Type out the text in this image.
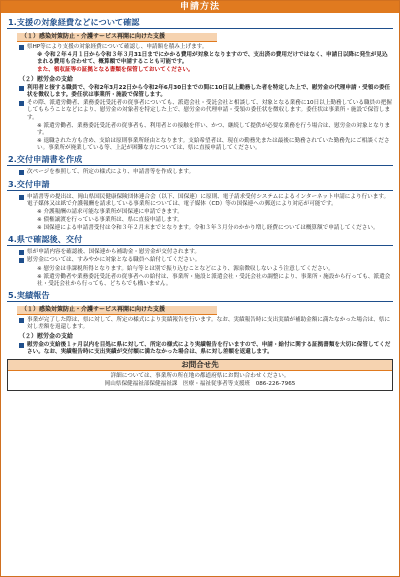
申請方法
1.支援の対象経費などについて確認
（１）感染対策防止・介護サービス再開に向けた支援
県HP等により支援の対象経費について確認し、申請額を積み上げます。
※ 令和２年４月１日から令和３年３月31日までにかかる費用が対象となりますので、支出済の費用だけではなく、申請日以降に発生が見込まれる費用も合わせて、概算額で申請することも可能です。
また、領収証等の証拠となる書類を保管しておいてください。
（２）慰労金の支給
利用者と接する職員で、令和2年3月22日から令和2年6月30日までの間に10日以上勤務した者を特定した上で、慰労金の代理申請・受領の委任状を徴収します。委任状は事業所・施設で保管します。
その際、派遣労働者、業務委託受託者の従事者についても、派遣会社・受託会社と相談して、対象となる業務に10日以上勤務している職員の把握してもらうことなどにより、慰労金の対象者を特定した上で、慰労金の代理申請・受領の委任状を徴収します。委任状は事業所・施設で保管します。
※ 派遣労働者、業務委託受託者の従事者も、利用者との接触を伴い、かつ、継続して提供が必要な業務を行う場合は、慰労金の対象となります。
※ 退職された方も含め、支給は原則事業所経由となります。支給希望者は、現在の勤務先または最後に勤務されていた勤務先にご相談ください。事業所が廃業している等、上記が困難な方については、県に直接申請してください。
2.交付申請書を作成
次ページを参照して、所定の様式により、申請書等を作成します。
3.交付申請
申請書等の提出は、岡山県国民健康保険団体連合会（以下、国保連）に原則、電子請求受付システムによるインターネット申請により行います。電子媒体又は紙で介護報酬を請求している事業所については、電子媒体（CD）等の国保連への郵送により対応が可能です。
※ 介護報酬の請求可能な事業所が国保連に申請できます。
※ 債権譲渡を行っている事業所は、県に直接申請します。
※ 国保連による申請書受付は令和３年２月末までとなります。令和３年３月分のかかり増し経費については概算額で申請してください。
4.県で確認後、交付
県が申請内容を確認後、国保連から補助金・慰労金が交付されます。
慰労金については、すみやかに対象となる職員へ給付してください。
※ 慰労金は非課税所得となります。給与等とは別で振り込むことなどにより、源泉徴収しないよう注意してください。
※ 派遣労働者や業務委託受託者の従事者への給付は、事業所・施設と派遣会社・受託会社の調整により、事業所・施設から行っても、派遣会社・受託会社から行っても、どちらでも構いません。
5.実績報告
（１）感染対策防止・介護サービス再開に向けた支援
事業が完了した際は、県に対して、所定の様式により実績報告を行います。なお、実績報告時に支出実績が補助金額に満たなかった場合は、県に対し差額を返還します。
（２）慰労金の支給
慰労金の支給後１ヶ月以内を目処に県に対して、所定の様式により実績報告を行いますので、申請・給付に関する証拠書類を大切に保管してください。なお、実績報告時に支出実績が交付額に満たなかった場合は、県に対し差額を返還します。
お問合せ先
詳細については、事業所の所在地の都道府県にお問い合わせください。
岡山県保健福祉部保健福祉課　医療・福祉従事者等支援班　086-226-7965
